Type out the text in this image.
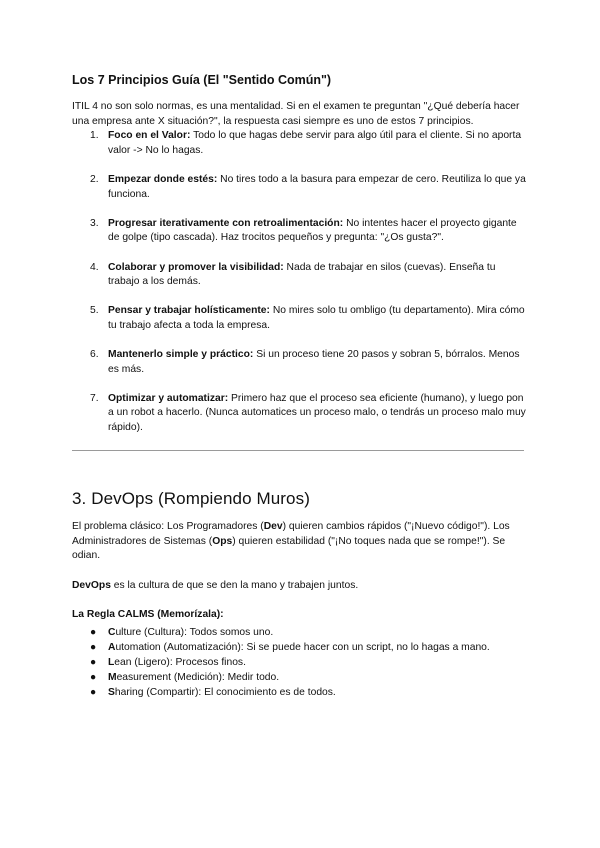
Los 7 Principios Guía (El "Sentido Común")

ITIL 4 no son solo normas, es una mentalidad. Si en el examen te preguntan "¿Qué debería hacer una empresa ante X situación?", la respuesta casi siempre es uno de estos 7 principios.

1. Foco en el Valor: Todo lo que hagas debe servir para algo útil para el cliente. Si no aporta valor -> No lo hagas.
2. Empezar donde estés: No tires todo a la basura para empezar de cero. Reutiliza lo que ya funciona.
3. Progresar iterativamente con retroalimentación: No intentes hacer el proyecto gigante de golpe (tipo cascada). Haz trocitos pequeños y pregunta: "¿Os gusta?".
4. Colaborar y promover la visibilidad: Nada de trabajar en silos (cuevas). Enseña tu trabajo a los demás.
5. Pensar y trabajar holísticamente: No mires solo tu ombligo (tu departamento). Mira cómo tu trabajo afecta a toda la empresa.
6. Mantenerlo simple y práctico: Si un proceso tiene 20 pasos y sobran 5, bórralos. Menos es más.
7. Optimizar y automatizar: Primero haz que el proceso sea eficiente (humano), y luego pon a un robot a hacerlo. (Nunca automatices un proceso malo, o tendrás un proceso malo muy rápido).
3. DevOps (Rompiendo Muros)

El problema clásico: Los Programadores (Dev) quieren cambios rápidos ("¡Nuevo código!"). Los Administradores de Sistemas (Ops) quieren estabilidad ("¡No toques nada que se rompe!"). Se odian.

DevOps es la cultura de que se den la mano y trabajen juntos.

La Regla CALMS (Memorízala):
● Culture (Cultura): Todos somos uno.
● Automation (Automatización): Si se puede hacer con un script, no lo hagas a mano.
● Lean (Ligero): Procesos finos.
● Measurement (Medición): Medir todo.
● Sharing (Compartir): El conocimiento es de todos.
